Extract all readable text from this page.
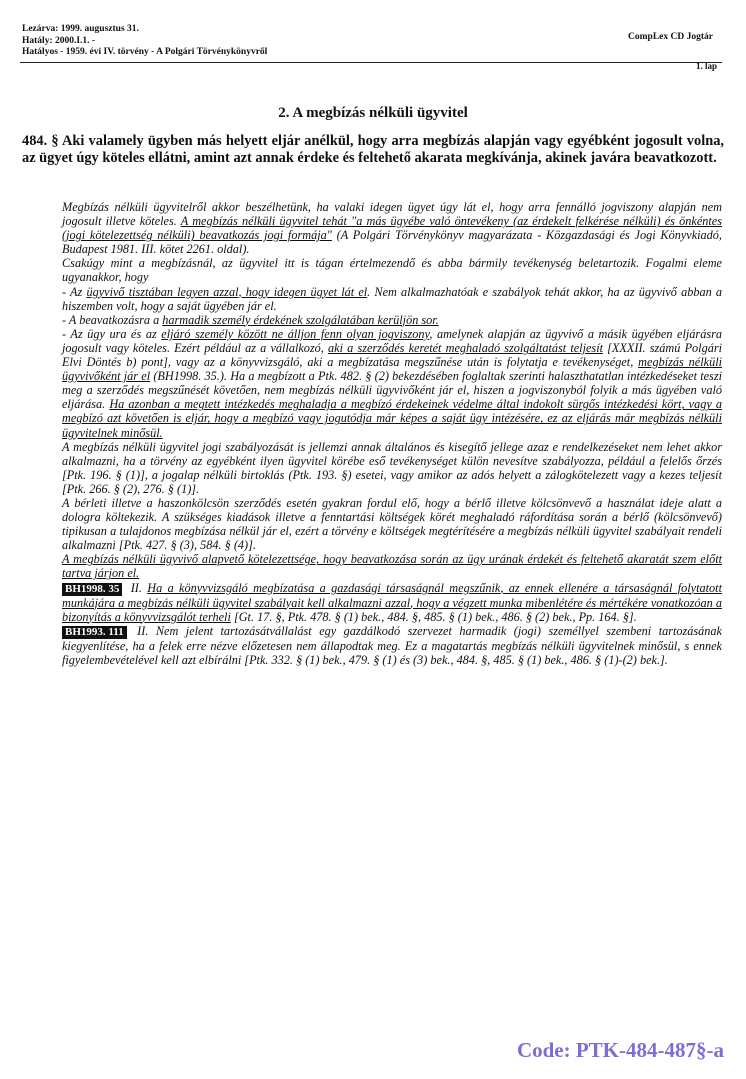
Lezárva: 1999. augusztus 31.
Hatály: 2000.I.1. -
Hatályos - 1959. évi IV. törvény - A Polgári Törvénykönyvről
CompLex CD Jogtár
1. lap
2. A megbízás nélküli ügyvitel
484. § Aki valamely ügyben más helyett eljár anélkül, hogy arra megbízás alapján vagy egyébként jogosult volna, az ügyet úgy köteles ellátni, amint azt annak érdeke és feltehető akarata megkívánja, akinek javára beavatkozott.

Megbízás nélküli ügyvitelről akkor beszélhetünk, ha valaki idegen ügyet úgy lát el, hogy arra fennálló jogviszony alapján nem jogosult illetve köteles. A megbízás nélküli ügyvitel tehát "a más ügyébe való öntevékeny (az érdekelt felkérése nélküli) és önkéntes (jogi kötelezettség nélküli) beavatkozás jogi formája" (A Polgári Törvénykönyv magyarázata - Közgazdasági és Jogi Könyvkiadó, Budapest 1981. III. kötet 2261. oldal).

Csakúgy mint a megbízásnál, az ügyvitel itt is tágan értelmezendő és abba bármily tevékenység beletartozik. Fogalmi eleme ugyanakkor, hogy

- Az ügyvivő tisztában legyen azzal, hogy idegen ügyet lát el. Nem alkalmazhatóak e szabályok tehát akkor, ha az ügyvivő abban a hiszemben volt, hogy a saját ügyében jár el.

- A beavatkozásra a harmadik személy érdekének szolgálatában kerüljön sor.

- Az ügy ura és az eljáró személy között ne álljon fenn olyan jogviszony, amelynek alapján az ügyvivő a másik ügyében eljárásra jogosult vagy köteles. Ezért például az a vállalkozó, aki a szerződés keretét meghaladó szolgáltatást teljesít [XXXII. számú Polgári Elvi Döntés b) pont], vagy az a könyvvizsgáló, aki a megbízatása megszűnése után is folytatja e tevékenységet, megbízás nélküli ügyvivőként jár el (BH1998. 35.). Ha a megbízott a Ptk. 482. § (2) bekezdésében foglaltak szerinti halaszthatatlan intézkedéseket teszi meg a szerződés megszűnését követően, nem megbízás nélküli ügyvivőként jár el, hiszen a jogviszonyból folyik a más ügyében való eljárása. Ha azonban a megtett intézkedés meghaladja a megbízó érdekeinek védelme által indokolt sürgős intézkedési kört, vagy a megbízó azt követően is eljár, hogy a megbízó vagy jogutódja már képes a saját ügy intézésére, ez az eljárás már megbízás nélküli ügyvitelnek minősül.

A megbízás nélküli ügyvitel jogi szabályozását is jellemzi annak általános és kisegítő jellege azaz e rendelkezéseket nem lehet akkor alkalmazni, ha a törvény az egyébként ilyen ügyvitel körébe eső tevékenységet külön nevesítve szabályozza, például a felelős őrzés [Ptk. 196. § (1)], a jogalap nélküli birtoklás (Ptk. 193. §) esetei, vagy amikor az adós helyett a zálogkötelezett vagy a kezes teljesít [Ptk. 266. § (2), 276. § (1)].

A bérleti illetve a haszonkölcsön szerződés esetén gyakran fordul elő, hogy a bérlő illetve kölcsönvevő a használat ideje alatt a dologra költekezik. A szükséges kiadások illetve a fenntartási költségek körét meghaladó ráfordítása során a bérlő (kölcsönvevő) tipikusan a tulajdonos megbízása nélkül jár el, ezért a törvény e költségek megtérítésére a megbízás nélküli ügyvitel szabályait rendeli alkalmazni [Ptk. 427. § (3), 584. § (4)].

A megbízás nélküli ügyvivő alapvető kötelezettsége, hogy beavatkozása során az ügy urának érdekét és feltehető akaratát szem előtt tartva járjon el.

BH1998. 35 II. Ha a könyvvizsgáló megbízatása a gazdasági társaságnál megszűnik, az ennek ellenére a társaságnál folytatott munkájára a megbízás nélküli ügyvitel szabályait kell alkalmazni azzal, hogy a végzett munka mibenlétére és mértékére vonatkozóan a bizonyítás a könyvvizsgálót terheli [Gt. 17. §, Ptk. 478. § (1) bek., 484. §, 485. § (1) bek., 486. § (2) bek., Pp. 164. §].

BH1993. 111 II. Nem jelent tartozásátvállalást egy gazdálkodó szervezet harmadik (jogi) személlyel szembeni tartozásának kiegyenlítése, ha a felek erre nézve előzetesen nem állapodtak meg. Ez a magatartás megbízás nélküli ügyvitelnek minősül, s ennek figyelembevételével kell azt elbírálni [Ptk. 332. § (1) bek., 479. § (1) és (3) bek., 484. §, 485. § (1) bek., 486. § (1)-(2) bek.].

Code: PTK-484-487§-a
